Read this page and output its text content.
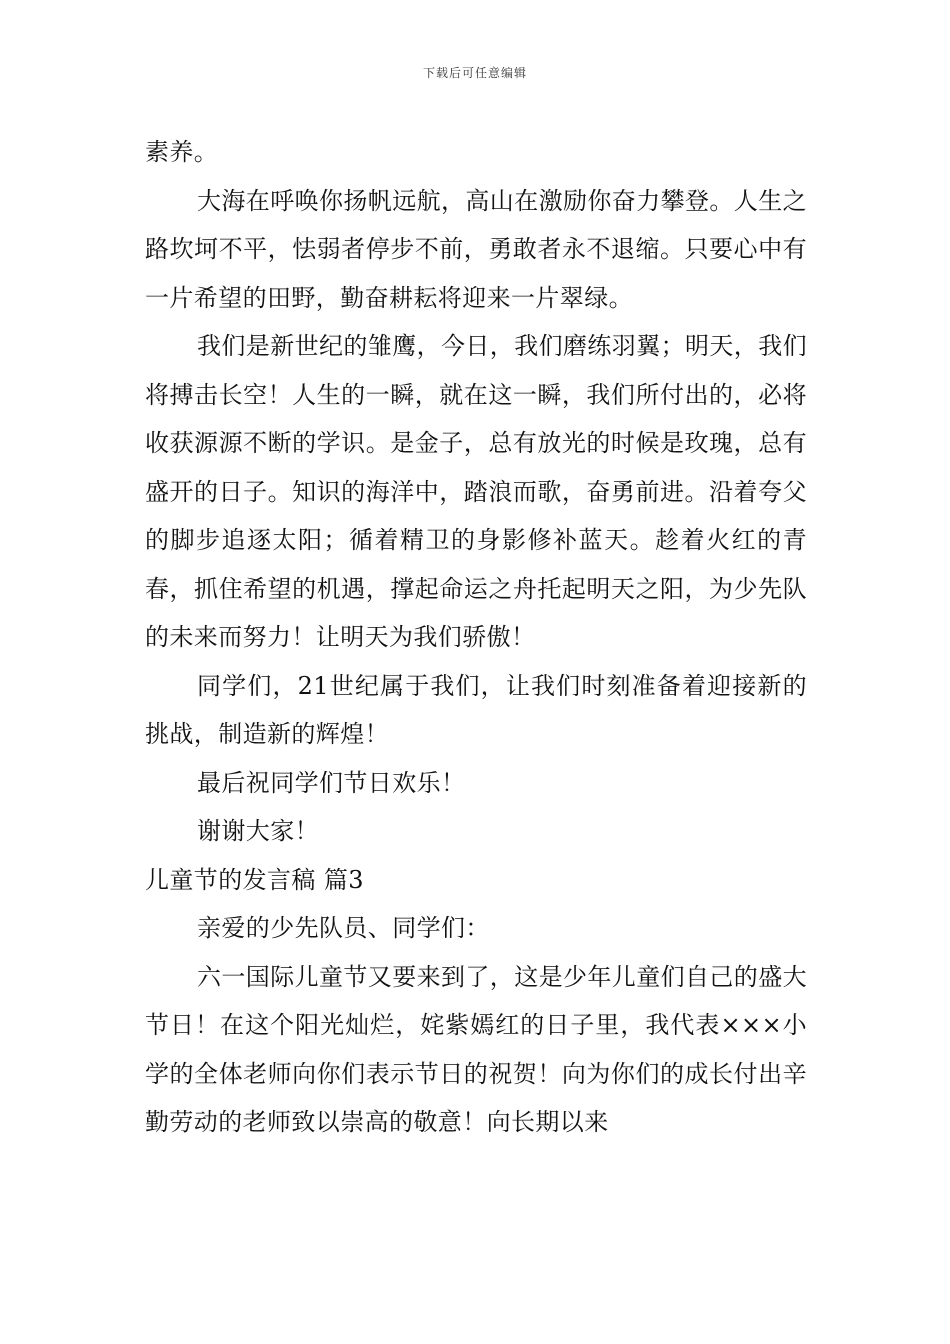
下载后可任意编辑

素养。

大海在呼唤你扬帆远航，高山在激励你奋力攀登。人生之路坎坷不平，怯弱者停步不前，勇敢者永不退缩。只要心中有一片希望的田野，勤奋耕耘将迎来一片翠绿。

我们是新世纪的雏鹰，今日，我们磨练羽翼；明天，我们将搏击长空！人生的一瞬，就在这一瞬，我们所付出的，必将收获源源不断的学识。是金子，总有放光的时候是玫瑰，总有盛开的日子。知识的海洋中，踏浪而歌，奋勇前进。沿着夸父的脚步追逐太阳；循着精卫的身影修补蓝天。趁着火红的青春，抓住希望的机遇，撑起命运之舟托起明天之阳，为少先队的未来而努力！让明天为我们骄傲！

同学们，21世纪属于我们，让我们时刻准备着迎接新的挑战，制造新的辉煌！

最后祝同学们节日欢乐！

谢谢大家！

儿童节的发言稿 篇3

亲爱的少先队员、同学们：

六一国际儿童节又要来到了，这是少年儿童们自己的盛大节日！在这个阳光灿烂，姹紫嫣红的日子里，我代表×××小学的全体老师向你们表示节日的祝贺！向为你们的成长付出辛勤劳动的老师致以崇高的敬意！向长期以来
